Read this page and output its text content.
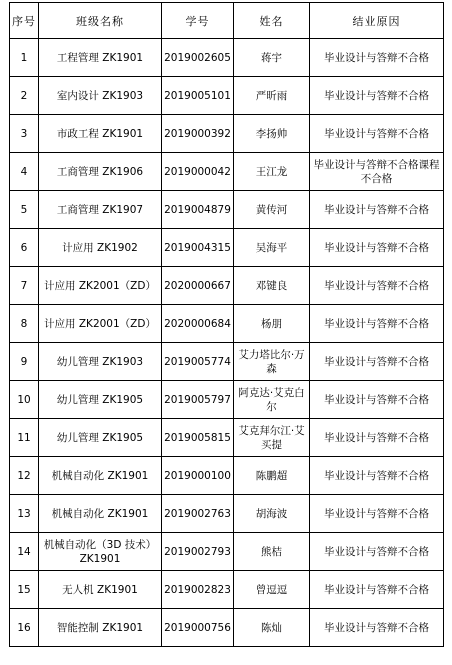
序号	班级名称	学号	姓名	结业原因
1	工程管理 ZK1901	2019002605	蒋宇	毕业设计与答辩不合格
2	室内设计 ZK1903	2019005101	严昕雨	毕业设计与答辩不合格
3	市政工程 ZK1901	2019000392	李扬帅	毕业设计与答辩不合格
4	工商管理 ZK1906	2019000042	王江龙	毕业设计与答辩不合格课程不合格
5	工商管理 ZK1907	2019004879	黄传河	毕业设计与答辩不合格
6	计应用 ZK1902	2019004315	吴海平	毕业设计与答辩不合格
7	计应用 ZK2001（ZD）	2020000667	邓键良	毕业设计与答辩不合格
8	计应用 ZK2001（ZD）	2020000684	杨朋	毕业设计与答辩不合格
9	幼儿管理 ZK1903	2019005774	艾力塔比尔·万森	毕业设计与答辩不合格
10	幼儿管理 ZK1905	2019005797	阿克达·艾克白尔	毕业设计与答辩不合格
11	幼儿管理 ZK1905	2019005815	艾克拜尔江·艾买提	毕业设计与答辩不合格
12	机械自动化 ZK1901	2019000100	陈鹏超	毕业设计与答辩不合格
13	机械自动化 ZK1901	2019002763	胡海波	毕业设计与答辩不合格
14	机械自动化（3D 技术）ZK1901	2019002793	熊桔	毕业设计与答辩不合格
15	无人机 ZK1901	2019002823	曾逗逗	毕业设计与答辩不合格
16	智能控制 ZK1901	2019000756	陈灿	毕业设计与答辩不合格
